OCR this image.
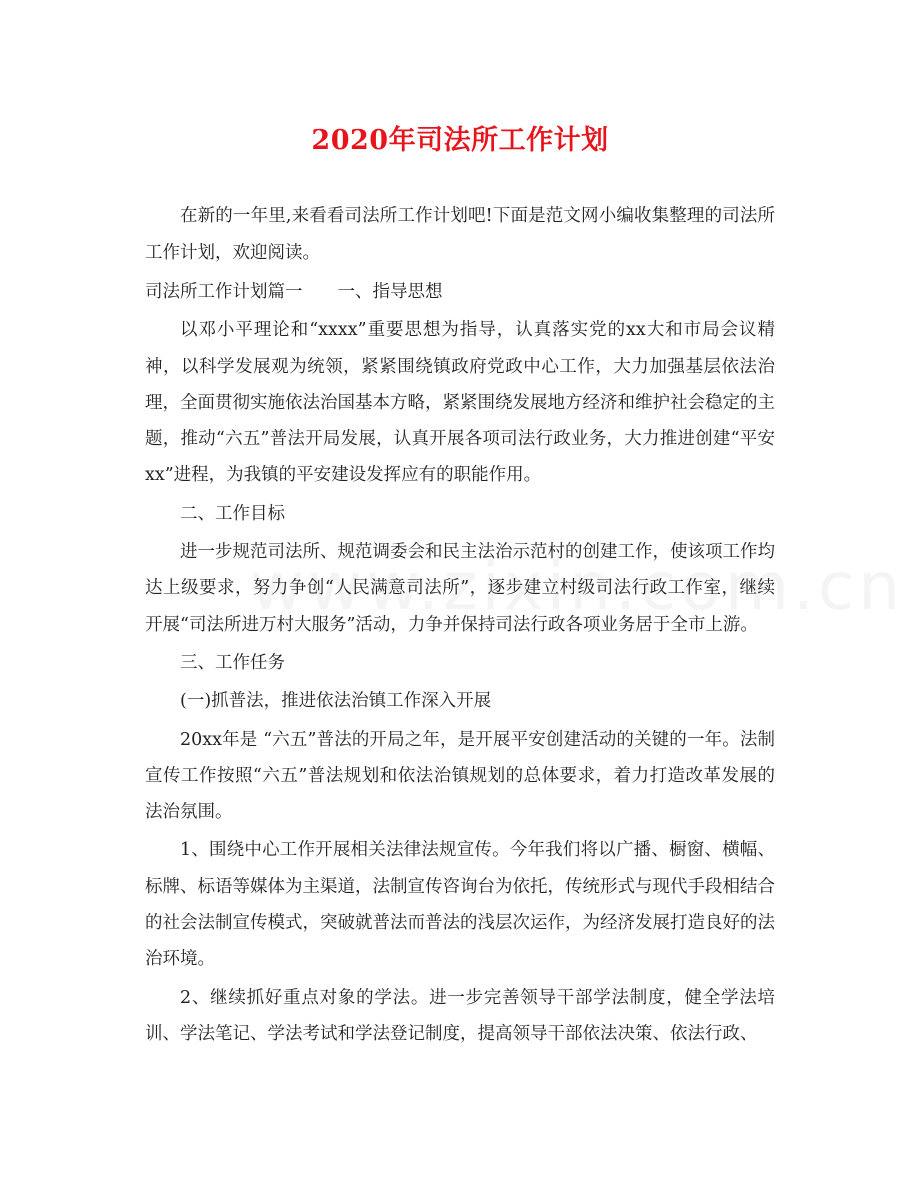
2020年司法所工作计划

在新的一年里,来看看司法所工作计划吧!下面是范文网小编收集整理的司法所工作计划，欢迎阅读。

司法所工作计划篇一　　一、指导思想

以邓小平理论和“xxxx”重要思想为指导，认真落实党的xx大和市局会议精神，以科学发展观为统领，紧紧围绕镇政府党政中心工作，大力加强基层依法治理，全面贯彻实施依法治国基本方略，紧紧围绕发展地方经济和维护社会稳定的主题，推动“六五”普法开局发展，认真开展各项司法行政业务，大力推进创建“平安xx”进程，为我镇的平安建设发挥应有的职能作用。

二、工作目标

进一步规范司法所、规范调委会和民主法治示范村的创建工作，使该项工作均达上级要求，努力争创“人民满意司法所”，逐步建立村级司法行政工作室，继续开展“司法所进万村大服务”活动，力争并保持司法行政各项业务居于全市上游。

三、工作任务

(一)抓普法，推进依法治镇工作深入开展

20xx年是 “六五”普法的开局之年，是开展平安创建活动的关键的一年。法制宣传工作按照“六五”普法规划和依法治镇规划的总体要求，着力打造改革发展的法治氛围。

1、围绕中心工作开展相关法律法规宣传。今年我们将以广播、橱窗、横幅、标牌、标语等媒体为主渠道，法制宣传咨询台为依托，传统形式与现代手段相结合的社会法制宣传模式，突破就普法而普法的浅层次运作，为经济发展打造良好的法治环境。

2、继续抓好重点对象的学法。进一步完善领导干部学法制度，健全学法培训、学法笔记、学法考试和学法登记制度，提高领导干部依法决策、依法行政、
